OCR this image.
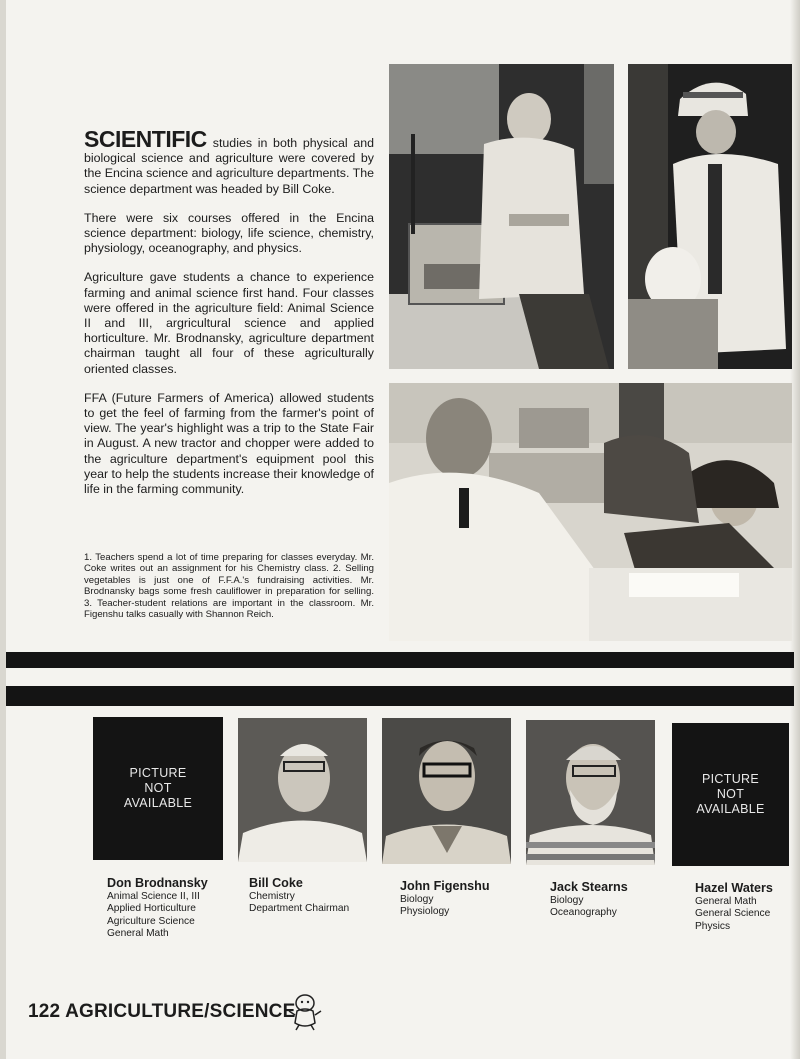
SCIENTIFIC studies in both physical and biological science and agriculture were covered by the Encina science and agriculture departments. The science department was headed by Bill Coke.

There were six courses offered in the Encina science department: biology, life science, chemistry, physiology, oceanography, and physics.

Agriculture gave students a chance to experience farming and animal science first hand. Four classes were offered in the agriculture field: Animal Science II and III, argricultural science and applied horticulture. Mr. Brodnansky, agriculture department chairman taught all four of these agriculturally oriented classes.

FFA (Future Farmers of America) allowed students to get the feel of farming from the farmer's point of view. The year's highlight was a trip to the State Fair in August. A new tractor and chopper were added to the agriculture department's equipment pool this year to help the students increase their knowledge of life in the farming community.

1. Teachers spend a lot of time preparing for classes everyday. Mr. Coke writes out an assignment for his Chemistry class. 2. Selling vegetables is just one of F.F.A.'s fundraising activities. Mr. Brodnansky bags some fresh cauliflower in preparation for selling. 3. Teacher-student relations are important in the classroom. Mr. Figenshu talks casually with Shannon Reich.
PICTURE
NOT
AVAILABLE
PICTURE
NOT
AVAILABLE
Don Brodnansky
Animal Science II, III
Applied Horticulture
Agriculture Science
General Math
Bill Coke
Chemistry
Department Chairman
John Figenshu
Biology
Physiology
Jack Stearns
Biology
Oceanography
Hazel Waters
General Math
General Science
Physics
122 AGRICULTURE/SCIENCE
